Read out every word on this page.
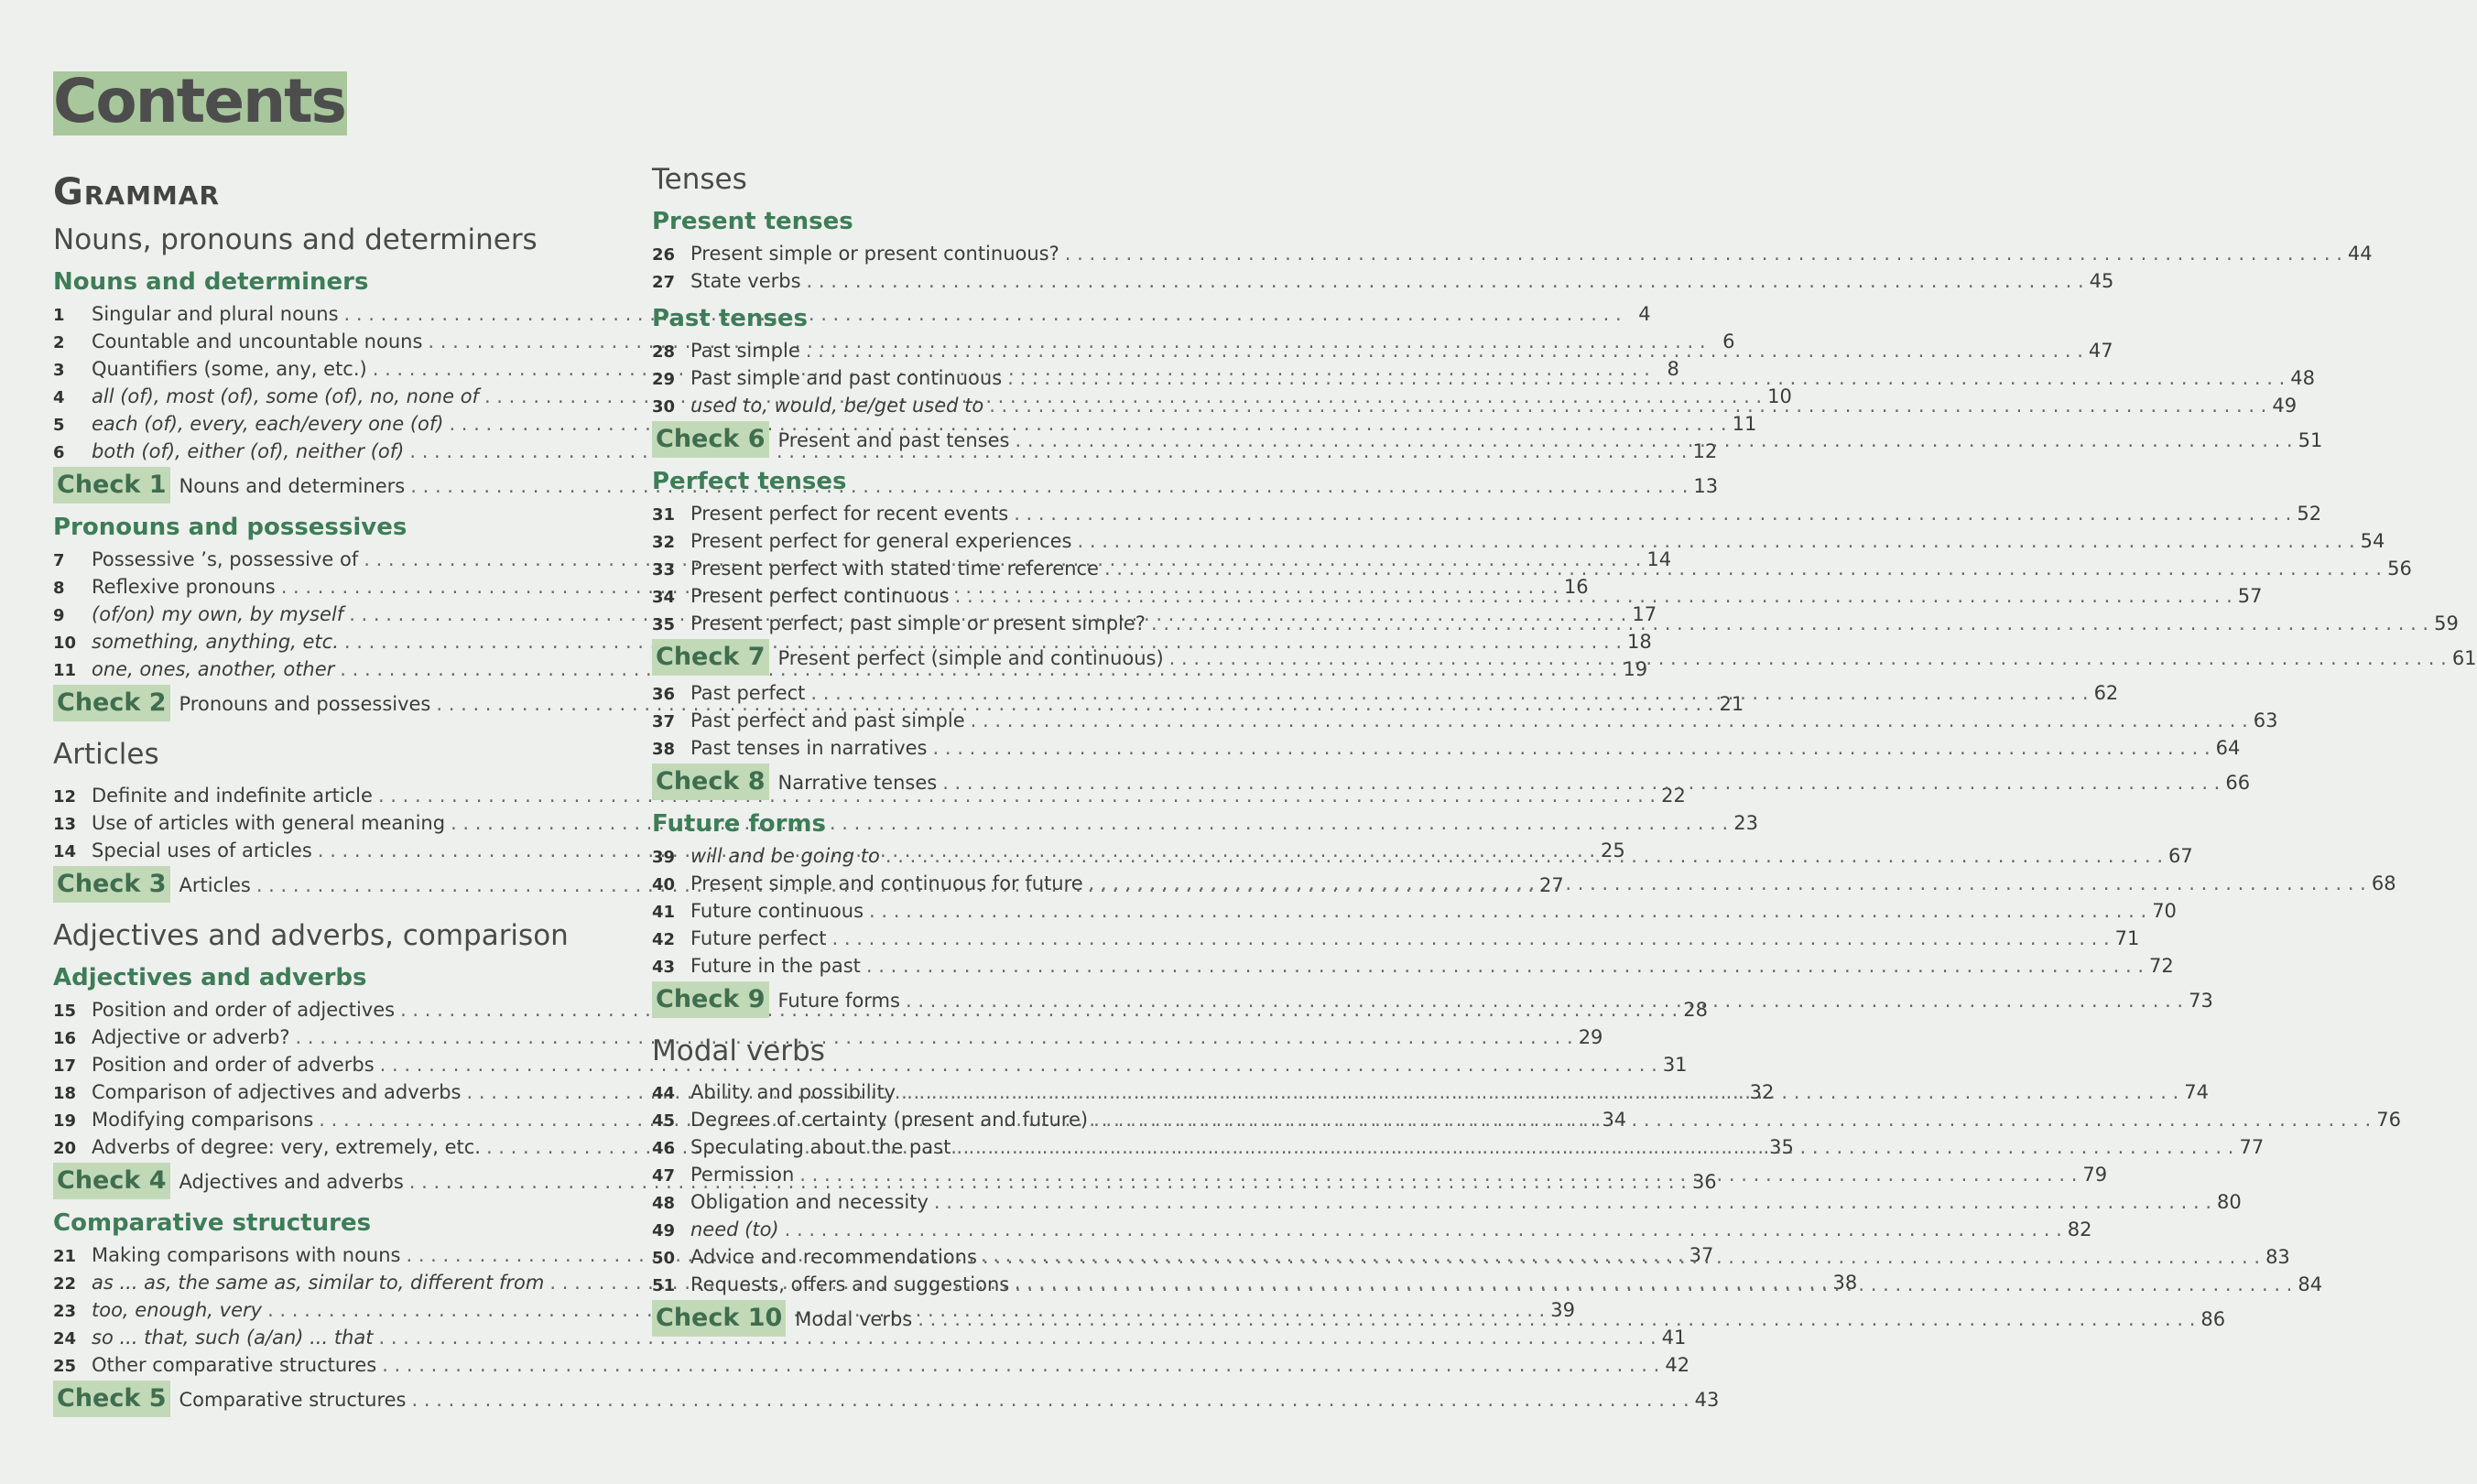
Contents
Grammar
Nouns, pronouns and determiners
Nouns and determiners
1	Singular and plural nouns . . .	4
2	Countable and uncountable nouns . . .	6
3	Quantifiers (some, any, etc.) . . .	8
4	all (of), most (of), some (of), no, none of . . .	10
5	each (of), every, each/every one (of) . . .	11
6	both (of), either (of), neither (of) . . .	12
Check 1 Nouns and determiners . . .	13
Pronouns and possessives
7	Possessive ’s, possessive of . . .	14
8	Reflexive pronouns . . .	16
9	(of/on) my own, by myself . . .	17
10 something, anything, etc. . . .	18
11 one, ones, another, other . . .	19
Check 2 Pronouns and possessives . . .	21
Articles
12 Definite and indefinite article . . .	22
13 Use of articles with general meaning . . .	23
14 Special uses of articles . . .	25
Check 3 Articles . . .	27
Adjectives and adverbs, comparison
Adjectives and adverbs
15 Position and order of adjectives . . .	28
16 Adjective or adverb? . . .	29
17 Position and order of adverbs . . .	31
18 Comparison of adjectives and adverbs . . .	32
19 Modifying comparisons . . .	34
20 Adverbs of degree: very, extremely, etc. . . .	35
Check 4 Adjectives and adverbs . . .	36
Comparative structures
21 Making comparisons with nouns . . .	37
22 as ... as, the same as, similar to, different from . . .	38
23 too, enough, very . . .	39
24 so ... that, such (a/an) ... that . . .	41
25 Other comparative structures . . .	42
Check 5 Comparative structures . . .	43
Tenses
Present tenses
26 Present simple or present continuous? . . .	44
27 State verbs . . .	45
Past tenses
28 Past simple . . .	47
29 Past simple and past continuous . . .	48
30 used to, would, be/get used to . . .	49
Check 6 Present and past tenses . . .	51
Perfect tenses
31 Present perfect for recent events . . .	52
32 Present perfect for general experiences . . .	54
33 Present perfect with stated time reference . . .	56
34 Present perfect continuous . . .	57
35 Present perfect, past simple or present simple? . . .	59
Check 7 Present perfect (simple and continuous) . . .	61
36 Past perfect . . .	62
37 Past perfect and past simple . . .	63
38 Past tenses in narratives . . .	64
Check 8 Narrative tenses . . .	66
Future forms
39 will and be going to . . .	67
40 Present simple and continuous for future . . .	68
41 Future continuous . . .	70
42 Future perfect . . .	71
43 Future in the past . . .	72
Check 9 Future forms . . .	73
Modal verbs
44 Ability and possibility . . .	74
45 Degrees of certainty (present and future) . . .	76
46 Speculating about the past . . .	77
47 Permission . . .	79
48 Obligation and necessity . . .	80
49 need (to) . . .	82
50 Advice and recommendations . . .	83
51 Requests, offers and suggestions . . .	84
Check 10 Modal verbs . . .	86
